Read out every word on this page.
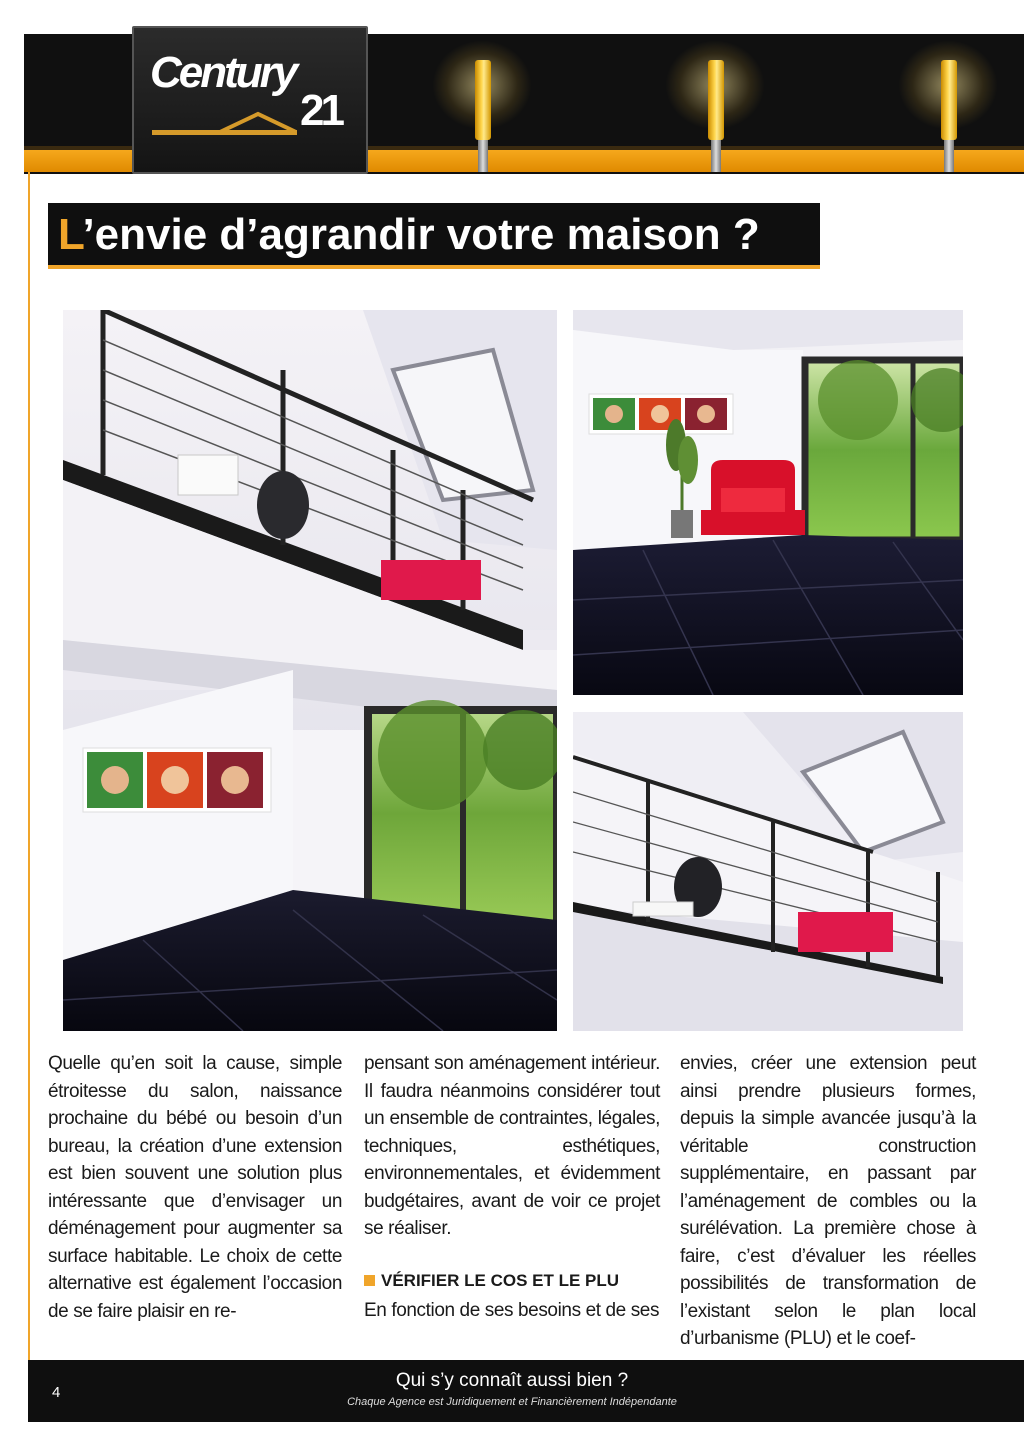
Century
21
L’envie d’agrandir votre maison ?
Quelle qu’en soit la cause, simple étroitesse du salon, naissance prochaine du bébé ou besoin d’un bureau, la création d’une extension est bien souvent une solution plus intéressante que d’envisager un déménagement pour augmenter sa surface habitable. Le choix de cette alternative est également l’occasion de se faire plaisir en re-
pensant son aménagement intérieur. Il faudra néanmoins considérer tout un ensemble de contraintes, légales, techniques, esthétiques, environnementales, et évidemment budgétaires, avant de voir ce projet se réaliser.
VÉRIFIER LE COS ET LE PLU
En fonction de ses besoins et de ses
envies, créer une extension peut ainsi prendre plusieurs formes, depuis la simple avancée jusqu’à la véritable construction supplémentaire, en passant par l’aménagement de combles ou la surélévation. La première chose à faire, c’est d’évaluer les réelles possibilités de transformation de l’existant selon le plan local d’urbanisme (PLU) et le coef-
4
Qui s’y connaît aussi bien ?
Chaque Agence est Juridiquement et Financièrement Indépendante
